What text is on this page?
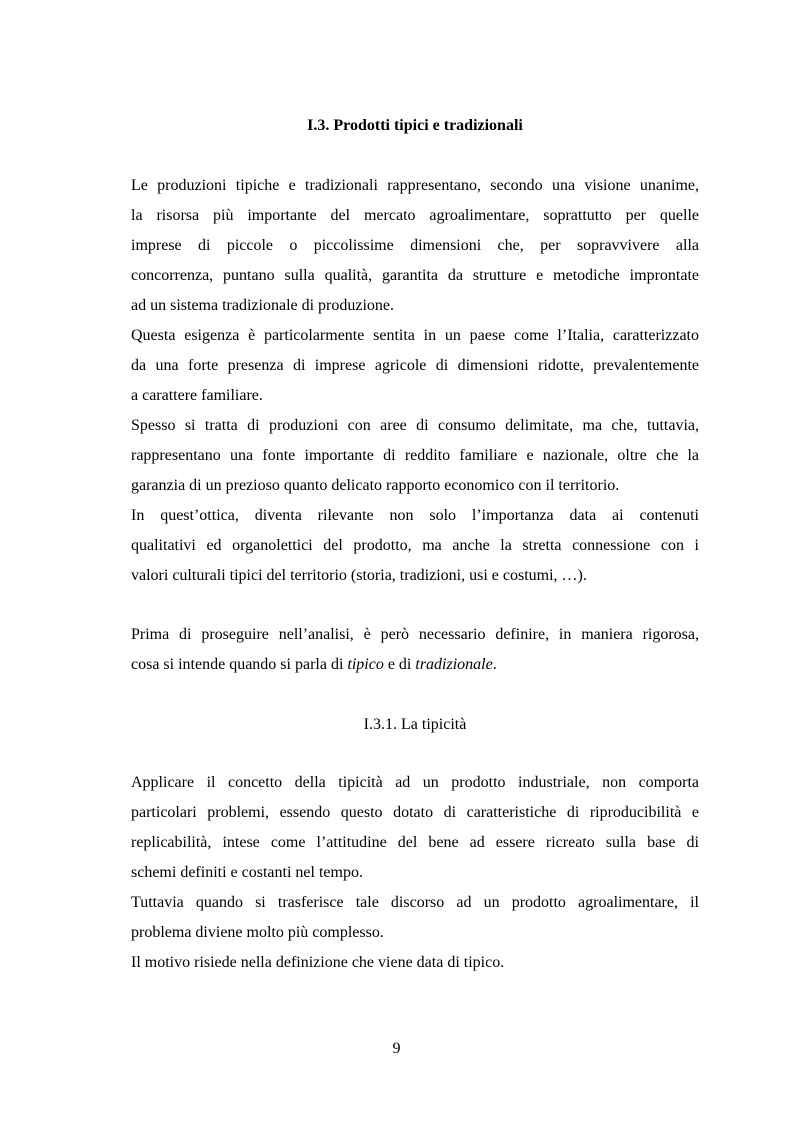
I.3. Prodotti tipici e tradizionali
Le produzioni tipiche e tradizionali rappresentano, secondo una visione unanime,
la risorsa più importante del mercato agroalimentare, soprattutto per quelle
imprese di piccole o piccolissime dimensioni che, per sopravvivere alla
concorrenza, puntano sulla qualità, garantita da strutture e metodiche improntate
ad un sistema tradizionale di produzione.
Questa esigenza è particolarmente sentita in un paese come l’Italia, caratterizzato
da una forte presenza di imprese agricole di dimensioni ridotte, prevalentemente
a carattere familiare.
Spesso si tratta di produzioni con aree di consumo delimitate, ma che, tuttavia,
rappresentano una fonte importante di reddito familiare e nazionale, oltre che la
garanzia di un prezioso quanto delicato rapporto economico con il territorio.
In quest’ottica, diventa rilevante non solo l’importanza data ai contenuti
qualitativi ed organolettici del prodotto, ma anche la stretta connessione con i
valori culturali tipici del territorio (storia, tradizioni, usi e costumi, …).
Prima di proseguire nell’analisi, è però necessario definire, in maniera rigorosa,
cosa si intende quando si parla di tipico e di tradizionale.
I.3.1. La tipicità
Applicare il concetto della tipicità ad un prodotto industriale, non comporta
particolari problemi, essendo questo dotato di caratteristiche di riproducibilità e
replicabilità, intese come l’attitudine del bene ad essere ricreato sulla base di
schemi definiti e costanti nel tempo.
Tuttavia quando si trasferisce tale discorso ad un prodotto agroalimentare, il
problema diviene molto più complesso.
Il motivo risiede nella definizione che viene data di tipico.
9
